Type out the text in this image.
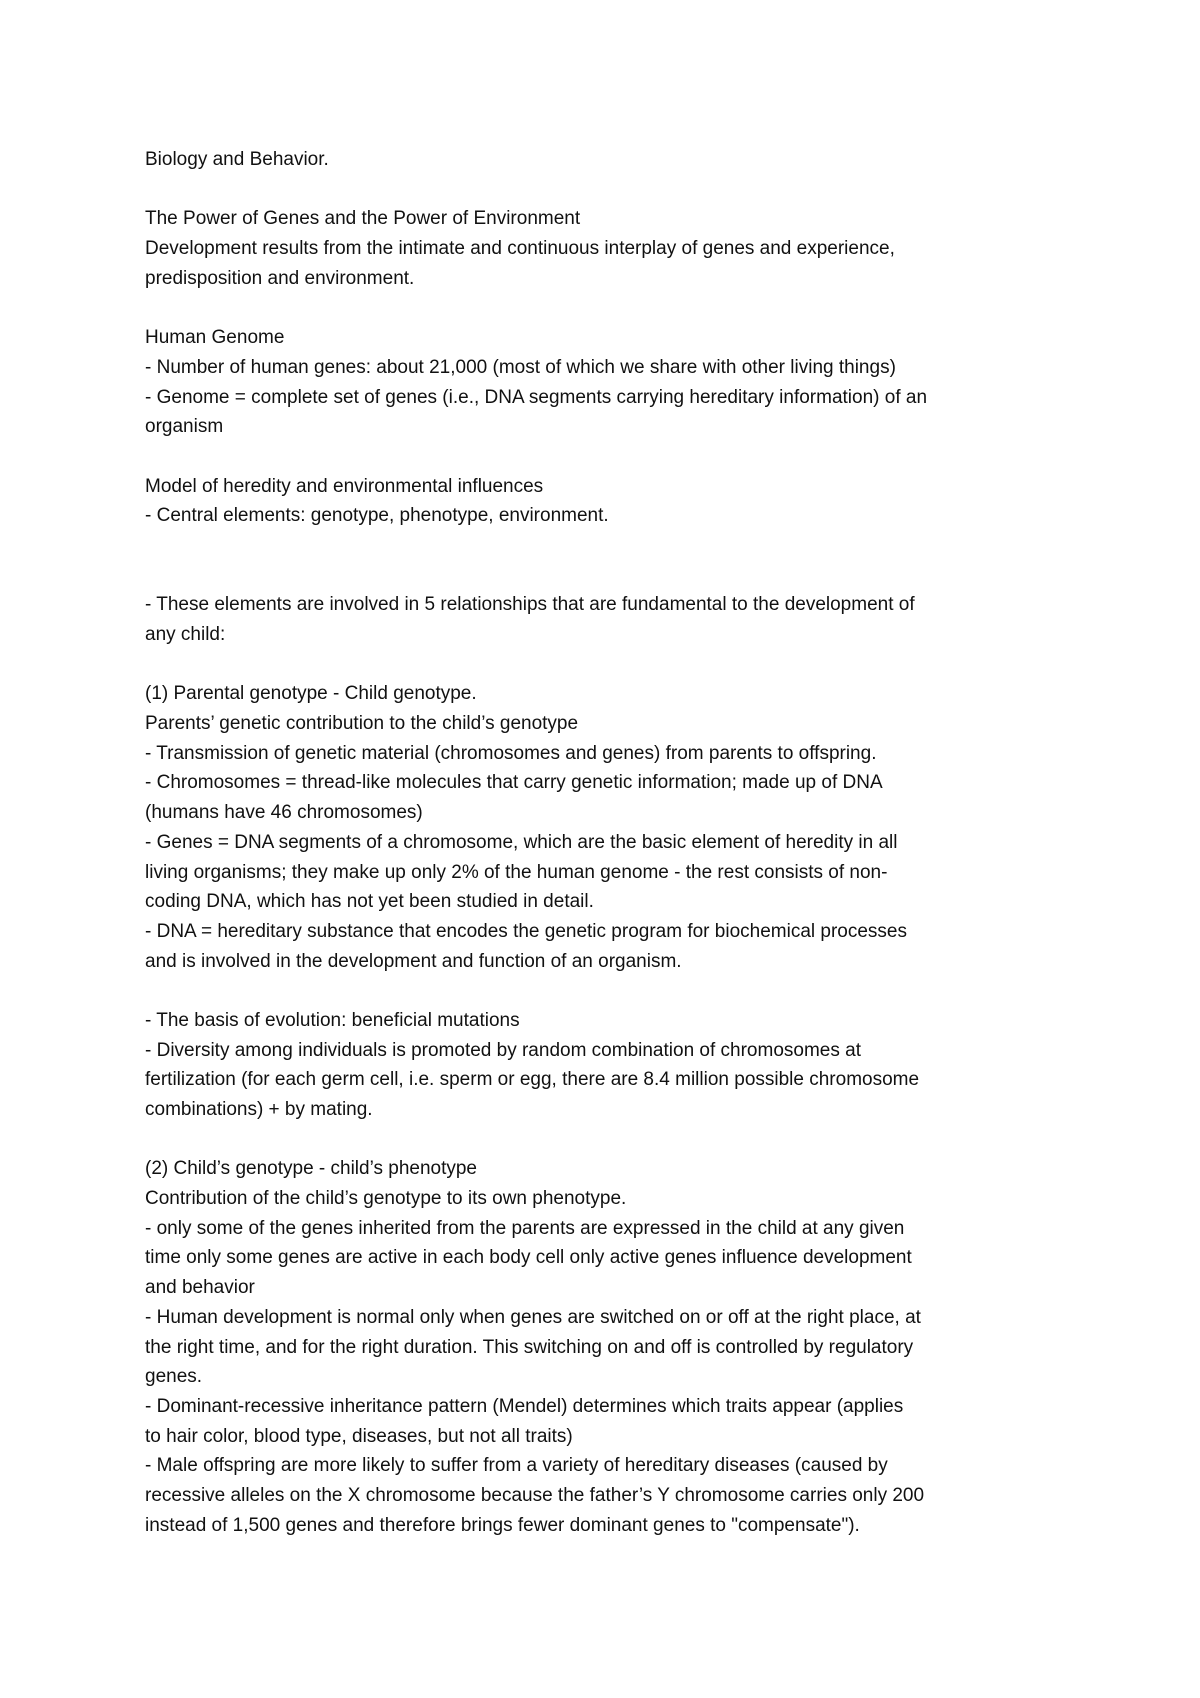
Biology and Behavior.
The Power of Genes and the Power of Environment
Development results from the intimate and continuous interplay of genes and experience,
predisposition and environment.
Human Genome
- Number of human genes: about 21,000 (most of which we share with other living things)
- Genome = complete set of genes (i.e., DNA segments carrying hereditary information) of an
organism
Model of heredity and environmental influences
- Central elements: genotype, phenotype, environment.
- These elements are involved in 5 relationships that are fundamental to the development of
any child:
(1) Parental genotype - Child genotype.
Parents’ genetic contribution to the child’s genotype
- Transmission of genetic material (chromosomes and genes) from parents to offspring.
- Chromosomes = thread-like molecules that carry genetic information; made up of DNA
(humans have 46 chromosomes)
- Genes = DNA segments of a chromosome, which are the basic element of heredity in all
living organisms; they make up only 2% of the human genome - the rest consists of non-
coding DNA, which has not yet been studied in detail.
- DNA = hereditary substance that encodes the genetic program for biochemical processes
and is involved in the development and function of an organism.
- The basis of evolution: beneficial mutations
- Diversity among individuals is promoted by random combination of chromosomes at
fertilization (for each germ cell, i.e. sperm or egg, there are 8.4 million possible chromosome
combinations) + by mating.
(2) Child’s genotype - child’s phenotype
Contribution of the child’s genotype to its own phenotype.
- only some of the genes inherited from the parents are expressed in the child at any given
time only some genes are active in each body cell only active genes influence development
and behavior
- Human development is normal only when genes are switched on or off at the right place, at
the right time, and for the right duration. This switching on and off is controlled by regulatory
genes.
- Dominant-recessive inheritance pattern (Mendel) determines which traits appear (applies
to hair color, blood type, diseases, but not all traits)
- Male offspring are more likely to suffer from a variety of hereditary diseases (caused by
recessive alleles on the X chromosome because the father’s Y chromosome carries only 200
instead of 1,500 genes and therefore brings fewer dominant genes to "compensate").
